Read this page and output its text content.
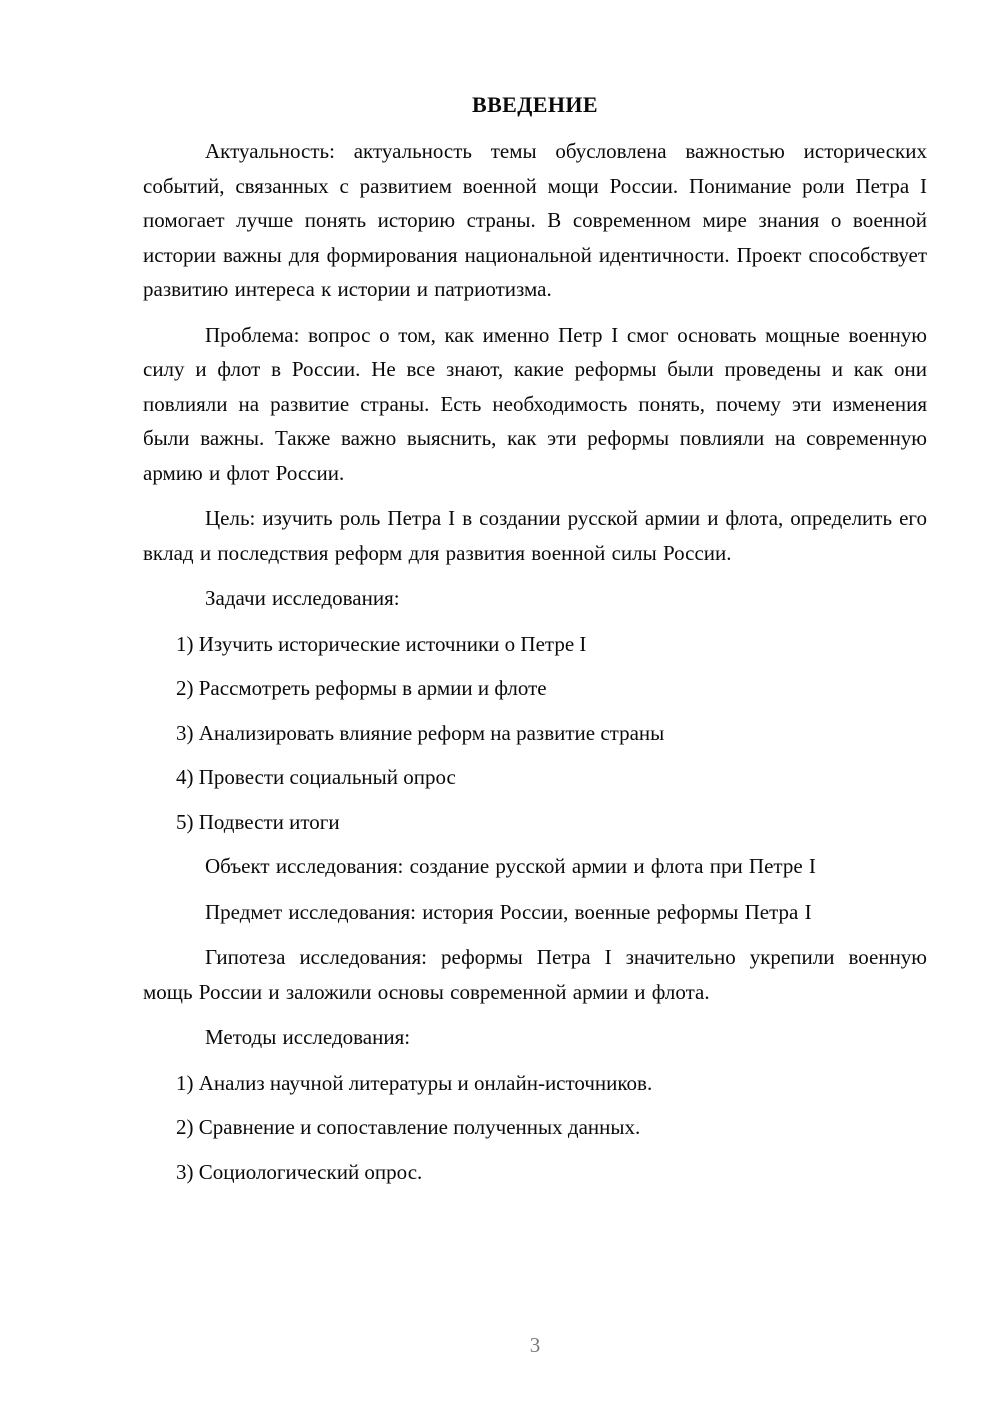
ВВЕДЕНИЕ

Актуальность: актуальность темы обусловлена важностью исторических событий, связанных с развитием военной мощи России. Понимание роли Петра I помогает лучше понять историю страны. В современном мире знания о военной истории важны для формирования национальной идентичности. Проект способствует развитию интереса к истории и патриотизма.

Проблема: вопрос о том, как именно Петр I смог основать мощные военную силу и флот в России. Не все знают, какие реформы были проведены и как они повлияли на развитие страны. Есть необходимость понять, почему эти изменения были важны. Также важно выяснить, как эти реформы повлияли на современную армию и флот России.

Цель: изучить роль Петра I в создании русской армии и флота, определить его вклад и последствия реформ для развития военной силы России.

Задачи исследования:

1) Изучить исторические источники о Петре I

2) Рассмотреть реформы в армии и флоте

3) Анализировать влияние реформ на развитие страны

4) Провести социальный опрос

5) Подвести итоги

Объект исследования: создание русской армии и флота при Петре I

Предмет исследования: история России, военные реформы Петра I

Гипотеза исследования: реформы Петра I значительно укрепили военную мощь России и заложили основы современной армии и флота.

Методы исследования:

1) Анализ научной литературы и онлайн-источников.

2) Сравнение и сопоставление полученных данных.

3) Социологический опрос.

3
